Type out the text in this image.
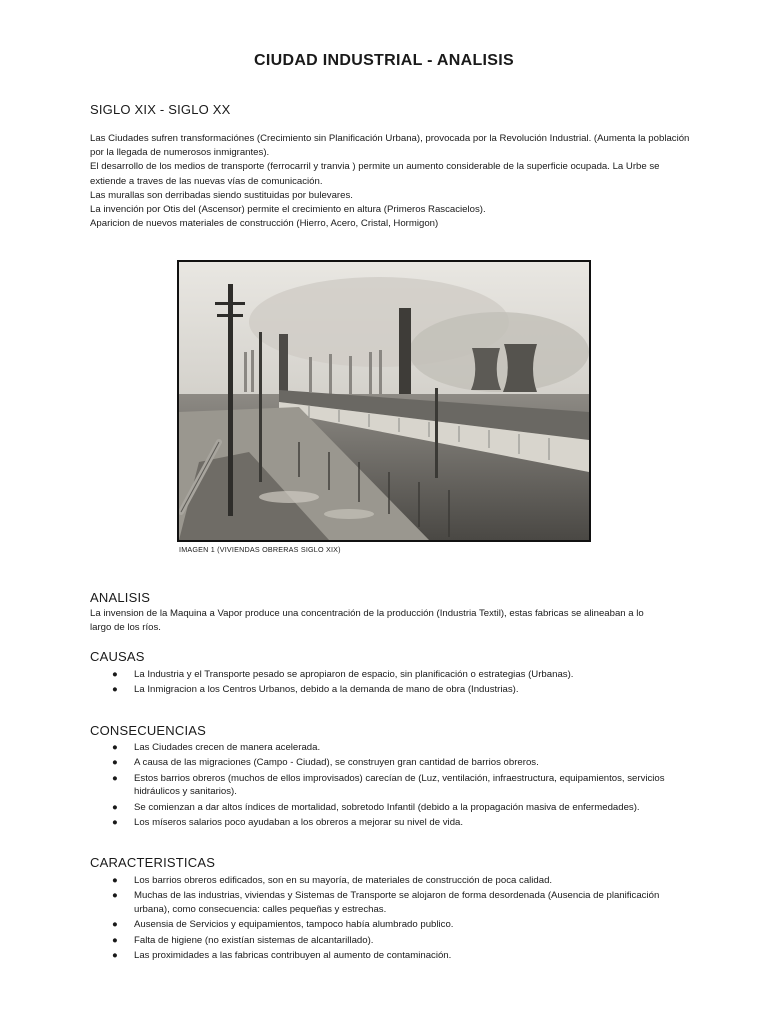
CIUDAD INDUSTRIAL - ANALISIS
SIGLO XIX - SIGLO XX

Las Ciudades sufren transformaciónes (Crecimiento sin Planificación Urbana), provocada por la Revolución Industrial. (Aumenta la población por la llegada de numerosos inmigrantes).

El desarrollo de los medios de transporte (ferrocarril y tranvia ) permite un aumento considerable de la superficie ocupada. La Urbe se extiende a traves de las nuevas vías de comunicación.

Las murallas son derribadas siendo sustituidas por bulevares.

La invención por Otis del (Ascensor) permite el crecimiento en altura (Primeros Rascacielos).

Aparicion de nuevos materiales de construcción (Hierro, Acero, Cristal, Hormigon)

IMAGEN 1 (VIVIENDAS OBRERAS SIGLO XIX)
ANALISIS

La invension de la Maquina a Vapor produce una concentración de la producción (Industria Textil), estas fabricas se alineaban a lo largo de los ríos.

CAUSAS
● La Industria y el Transporte pesado se apropiaron de espacio, sin planificación o estrategias (Urbanas).
● La Inmigracion a los Centros Urbanos, debido a la demanda de mano de obra (Industrias).
CONSECUENCIAS
● Las Ciudades crecen de manera acelerada.
● A causa de las migraciones (Campo - Ciudad), se construyen gran cantidad de barrios obreros.
● Estos barrios obreros (muchos de ellos improvisados) carecían de (Luz, ventilación, infraestructura, equipamientos, servicios hidráulicos y sanitarios).
● Se comienzan a dar altos índices de mortalidad, sobretodo Infantil (debido a la propagación masiva de enfermedades).
● Los míseros salarios poco ayudaban a los obreros a mejorar su nivel de vida.
CARACTERISTICAS
● Los barrios obreros edificados, son en su mayoría, de materiales de construcción de poca calidad.
● Muchas de las industrias, viviendas y Sistemas de Transporte se alojaron de forma desordenada (Ausencia de planificación urbana), como consecuencia: calles pequeñas y estrechas.
● Ausensia de Servicios y equipamientos, tampoco había alumbrado publico.
● Falta de higiene (no existían sistemas de alcantarillado).
● Las proximidades a las fabricas contribuyen al aumento de contaminación.
